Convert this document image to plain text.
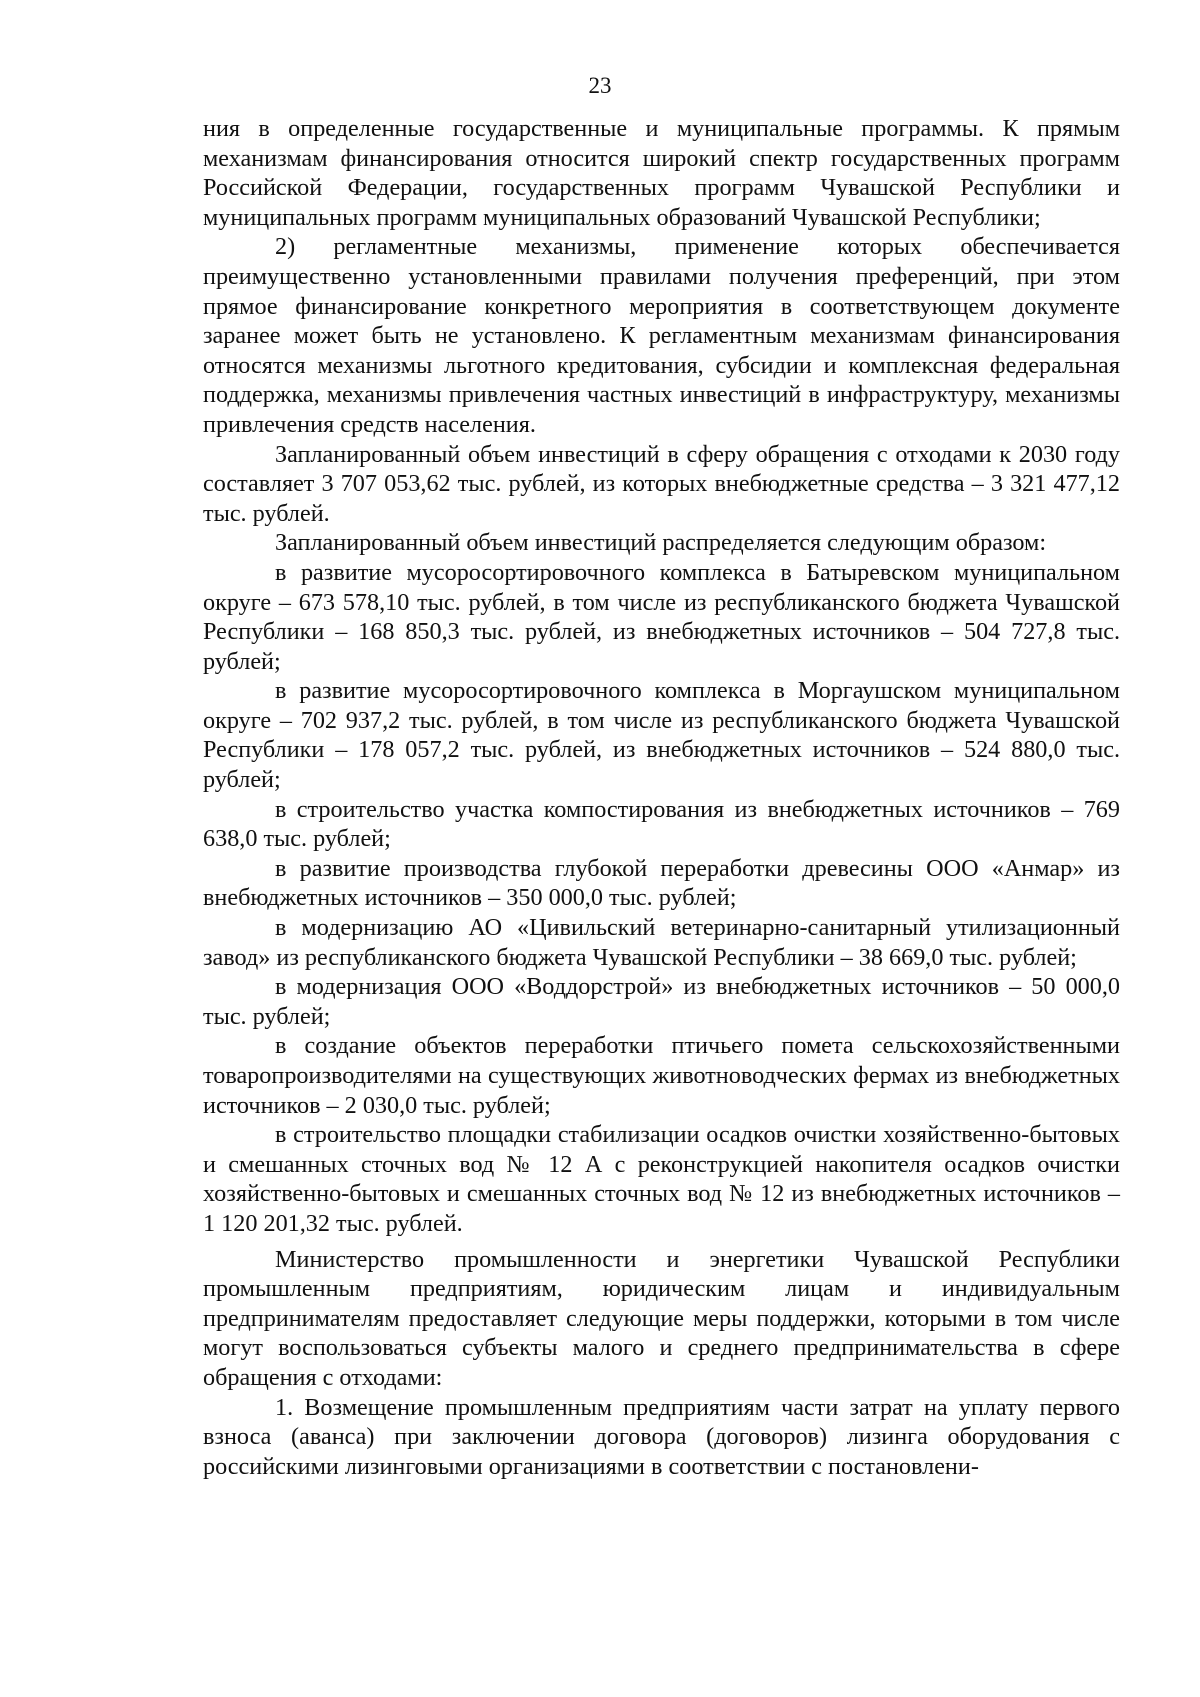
23

ния в определенные государственные и муниципальные программы. К прямым механизмам финансирования относится широкий спектр государственных программ Российской Федерации, государственных программ Чувашской Республики и муниципальных программ муниципальных образований Чувашской Республики;

2) регламентные механизмы, применение которых обеспечивается преимущественно установленными правилами получения преференций, при этом прямое финансирование конкретного мероприятия в соответствующем документе заранее может быть не установлено. К регламентным механизмам финансирования относятся механизмы льготного кредитования, субсидии и комплексная федеральная поддержка, механизмы привлечения частных инвестиций в инфраструктуру, механизмы привлечения средств населения.

Запланированный объем инвестиций в сферу обращения с отходами к 2030 году составляет 3 707 053,62 тыс. рублей, из которых внебюджетные средства – 3 321 477,12 тыс. рублей.

Запланированный объем инвестиций распределяется следующим образом:

в развитие мусоросортировочного комплекса в Батыревском муниципальном округе – 673 578,10 тыс. рублей, в том числе из республиканского бюджета Чувашской Республики – 168 850,3 тыс. рублей, из внебюджетных источников – 504 727,8 тыс. рублей;

в развитие мусоросортировочного комплекса в Моргаушском муниципальном округе – 702 937,2 тыс. рублей, в том числе из республиканского бюджета Чувашской Республики – 178 057,2 тыс. рублей, из внебюджетных источников – 524 880,0 тыс. рублей;

в строительство участка компостирования из внебюджетных источников – 769 638,0 тыс. рублей;

в развитие производства глубокой переработки древесины ООО «Анмар» из внебюджетных источников – 350 000,0 тыс. рублей;

в модернизацию АО «Цивильский ветеринарно-санитарный утилизационный завод» из республиканского бюджета Чувашской Республики – 38 669,0 тыс. рублей;

в модернизация ООО «Воддорстрой» из внебюджетных источников – 50 000,0 тыс. рублей;

в создание объектов переработки птичьего помета сельскохозяйственными товаропроизводителями на существующих животноводческих фермах из внебюджетных источников – 2 030,0 тыс. рублей;

в строительство площадки стабилизации осадков очистки хозяйственно-бытовых и смешанных сточных вод № 12 А с реконструкцией накопителя осадков очистки хозяйственно-бытовых и смешанных сточных вод № 12 из внебюджетных источников – 1 120 201,32 тыс. рублей.

Министерство промышленности и энергетики Чувашской Республики промышленным предприятиям, юридическим лицам и индивидуальным предпринимателям предоставляет следующие меры поддержки, которыми в том числе могут воспользоваться субъекты малого и среднего предпринимательства в сфере обращения с отходами:

1. Возмещение промышленным предприятиям части затрат на уплату первого взноса (аванса) при заключении договора (договоров) лизинга оборудования с российскими лизинговыми организациями в соответствии с постановлени-
